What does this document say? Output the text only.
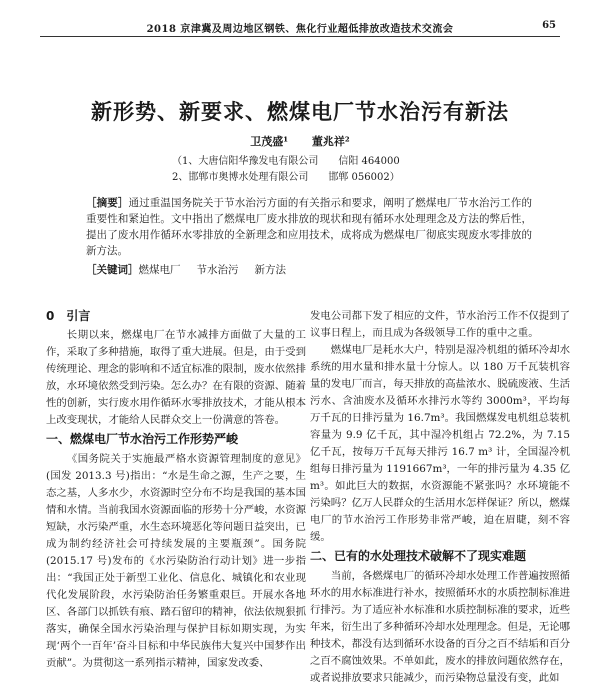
2018 京津冀及周边地区钢铁、焦化行业超低排放改造技术交流会	65
新形势、新要求、燃煤电厂节水治污有新法
卫茂盛¹ 董兆祥²
（1、大唐信阳华豫发电有限公司　　信阳 464000
2、邯郸市奥博水处理有限公司　　邯郸 056002）
［摘要］通过重温国务院关于节水治污方面的有关指示和要求，阐明了燃煤电厂节水治污工作的重要性和紧迫性。文中指出了燃煤电厂废水排放的现状和现有循环水处理理念及方法的弊后性，提出了废水用作循环水零排放的全新理念和应用技术，成将成为燃煤电厂彻底实现废水零排放的新方法。
［关键词］燃煤电厂 节水治污 新方法
0　引言

长期以来，燃煤电厂在节水减排方面做了大量的工作，采取了多种措施，取得了重大进展。但是，由于受到传统理论、理念的影响和不适宜标准的限制，废水依然排放，水环境依然受到污染。怎么办？在有限的资源、随着性的创新，实行废水用作循环水零排放技术，才能从根本上改变现状，才能给人民群众交上一份满意的答卷。

一、燃煤电厂节水治污工作形势严峻

《国务院关于实施最严格水资源管理制度的意见》(国发 2013.3 号)指出：“水是生命之源，生产之要，生态之基，人多水少，水资源时空分布不均是我国的基本国情和水情。当前我国水资源面临的形势十分严峻，水资源短缺，水污染严重，水生态环境恶化等问题日益突出，已成为制约经济社会可持续发展的主要瓶颈”。国务院(2015.17 号)发布的《水污染防治行动计划》进一步指出：“我国正处于新型工业化、信息化、城镇化和农业现代化发展阶段，水污染防治任务繁重艰巨。开展水各地区、各部门以抓铁有痕、踏石留印的精神，依法依规狠抓落实，确保全国水污染治理与保护目标如期实现，为实现‘两个一百年’奋斗目标和中华民族伟大复兴中国梦作出贡献”。为贯彻这一系列指示精神，国家发改委、

发电公司都下发了相应的文件，节水治污工作不仅提到了议事日程上，而且成为各级领导工作的重中之重。

燃煤电厂是耗水大户，特别是湿冷机组的循环冷却水系统的用水量和排水量十分惊人。以 180 万千瓦装机容量的发电厂而言，每天排放的高盐浓水、脱硫废液、生活污水、含油废水及循环水排污水等约 3000m³，平均每万千瓦的日排污量为 16.7m³。我国燃煤发电机组总装机容量为 9.9 亿千瓦，其中湿冷机组占 72.2%，为 7.15 亿千瓦，按每万千瓦每天排污 16.7 m³ 计，全国湿冷机组每日排污量为 1191667m³，一年的排污量为 4.35 亿 m³。如此巨大的数据，水资源能不紧张吗？水环境能不污染吗？亿万人民群众的生活用水怎样保证？所以，燃煤电厂的节水治污工作形势非常严峻，迫在眉睫，刻不容缓。

二、已有的水处理技术破解不了现实难题

当前，各燃煤电厂的循环冷却水处理工作普遍按照循环水的用水标准进行补水，按照循环水的水质控制标准进行排污。为了适应补水标准和水质控制标准的要求，近些年来，衍生出了多种循环冷却水处理理念。但是，无论哪种技术，都没有达到循环水设备的百分之百不结垢和百分之百不腐蚀效果。不单如此，废水的排放问题依然存在，或者说排放要求只能减少，而污染物总量没有变，此如
